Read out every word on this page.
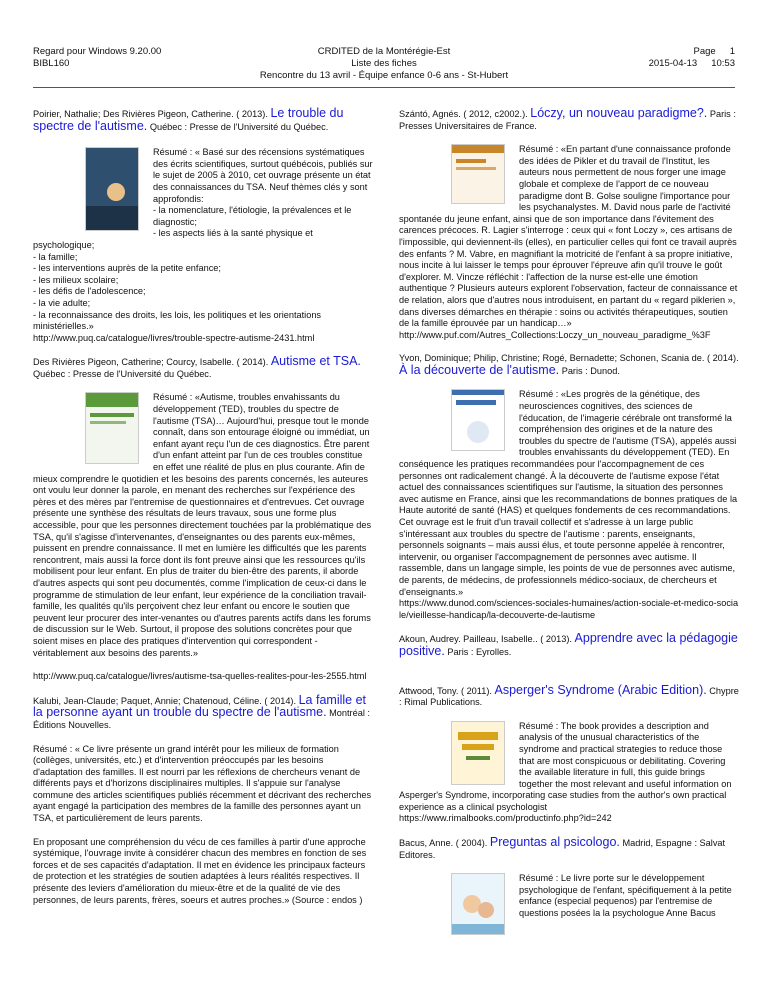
Regard pour Windows 9.20.00
BIBL160
CRDITED de la Montérégie-Est
Liste des fiches
Rencontre du 13 avril - Équipe enfance 0-6 ans - St-Hubert
Page 1
2015-04-13 10:53

Poirier, Nathalie; Des Rivières Pigeon, Catherine. ( 2013). Le trouble du spectre de l'autisme. Québec : Presse de l'Université du Québec.

Résumé : « Basé sur des récensions systématiques des écrits scientifiques, surtout québécois, publiés sur le sujet de 2005 à 2010, cet ouvrage présente un état des connaissances du TSA. Neuf thèmes clés y sont approfondis:
- la nomenclature, l'étiologie, la prévalences et le diagnostic;
- les aspects liés à la santé physique et psychologique;
- la famille;
- les interventions auprès de la petite enfance;
- les milieux scolaire;
- les défis de l'adolescence;
- la vie adulte;
- la reconnaissance des droits, les lois, les politiques et les orientations ministérielles.»

http://www.puq.ca/catalogue/livres/trouble-spectre-autisme-2431.html

Des Rivières Pigeon, Catherine; Courcy, Isabelle. ( 2014). Autisme et TSA. Québec : Presse de l'Université du Québec.

Résumé : «Autisme, troubles envahissants du développement (TED), troubles du spectre de l'autisme (TSA)… Aujourd'hui, presque tout le monde connaît, dans son entourage éloigné ou immédiat, un enfant ayant reçu l'un de ces diagnostics. Être parent d'un enfant atteint par l'un de ces troubles constitue en effet une réalité de plus en plus courante. Afin de mieux comprendre le quotidien et les besoins des parents concernés, les auteures ont voulu leur donner la parole, en menant des recherches sur l'expérience des pères et des mères par l'entremise de questionnaires et d'entrevues. Cet ouvrage présente une synthèse des résultats de leurs travaux, sous une forme plus accessible, pour que les personnes directement touchées par la problématique des TSA, qu'il s'agisse d'intervenantes, d'enseignantes ou des parents eux-mêmes, puissent en prendre connaissance. Il met en lumière les difficultés que les parents rencontrent, mais aussi la force dont ils font preuve ainsi que les ressources qu'ils mobilisent pour leur enfant. En plus de traiter du bien-être des parents, il aborde d'autres aspects qui sont peu documentés, comme l'implication de ceux-ci dans le programme de stimulation de leur enfant, leur expérience de la conciliation travail-famille, les qualités qu'ils perçoivent chez leur enfant ou encore le soutien que peuvent leur procurer des inter-venantes ou d'autres parents actifs dans les forums de discussion sur le Web. Surtout, il propose des solutions concrètes pour que soient mises en place des pratiques d'intervention qui correspondent - véritablement aux besoins des parents.»

http://www.puq.ca/catalogue/livres/autisme-tsa-quelles-realites-pour-les-2555.html

Kalubi, Jean-Claude; Paquet, Annie; Chatenoud, Céline. ( 2014). La famille et la personne ayant un trouble du spectre de l'autisme. Montréal : Éditions Nouvelles.

Résumé : « Ce livre présente un grand intérêt pour les milieux de formation (collèges, universités, etc.) et d'intervention préoccupés par les besoins d'adaptation des familles. Il est nourri par les réflexions de chercheurs venant de différents pays et d'horizons disciplinaires multiples. Il s'appuie sur l'analyse commune des articles scientifiques publiés récemment et décrivant des recherches ayant engagé la participation des membres de la famille des personnes ayant un TSA, et particulièrement de leurs parents.

En proposant une compréhension du vécu de ces familles à partir d'une approche systémique, l'ouvrage invite à considérer chacun des membres en fonction de ses forces et de ses capacités d'adaptation. Il met en évidence les principaux facteurs de protection et les stratégies de soutien adaptées à leurs réalités respectives. Il présente des leviers d'amélioration du mieux-être et de la qualité de vie des personnes, de leurs parents, frères, soeurs et autres proches.» (Source : endos )

Szántó, Agnés. ( 2012, c2002.). Lóczy, un nouveau paradigme?. Paris : Presses Universitaires de France.

Résumé : «En partant d'une connaissance profonde des idées de Pikler et du travail de l'Institut, les auteurs nous permettent de nous forger une image globale et complexe de l'apport de ce nouveau paradigme dont B. Golse souligne l'importance pour les psychanalystes. M. David nous parle de l'activité spontanée du jeune enfant, ainsi que de son importance dans l'évitement des carences précoces. R. Lagier s'interroge : ceux qui « font Loczy », ces artisans de l'impossible, qui deviennent-ils (elles), en particulier celles qui font ce travail auprès des enfants ? M. Vabre, en magnifiant la motricité de l'enfant à sa propre initiative, nous incite à lui laisser le temps pour éprouver l'épreuve afin qu'il trouve le goût d'explorer. M. Vincze réfléchit : l'affection de la nurse est-elle une émotion authentique ? Plusieurs auteurs explorent l'observation, facteur de connaissance et de relation, alors que d'autres nous introduisent, en partant du « regard piklerien », dans diverses démarches en thérapie : soins ou activités thérapeutiques, soutien de la famille éprouvée par un handicap…»

http://www.puf.com/Autres_Collections:Loczy_un_nouveau_paradigme_%3F

Yvon, Dominique; Philip, Christine; Rogé, Bernadette; Schonen, Scania de. ( 2014). À la découverte de l'autisme. Paris : Dunod.

Résumé : «Les progrès de la génétique, des neurosciences cognitives, des sciences de l'éducation, de l'imagerie cérébrale ont transformé la compréhension des origines et de la nature des troubles du spectre de l'autisme (TSA), appelés aussi troubles envahissants du développement (TED). En conséquence les pratiques recommandées pour l'accompagnement de ces personnes ont radicalement changé. À la découverte de l'autisme expose l'état actuel des connaissances scientifiques sur l'autisme, la situation des personnes avec autisme en France, ainsi que les recommandations de bonnes pratiques de la Haute autorité de santé (HAS) et quelques fondements de ces recommandations. Cet ouvrage est le fruit d'un travail collectif et s'adresse à un large public s'intéressant aux troubles du spectre de l'autisme : parents, enseignants, personnels soignants – mais aussi élus, et toute personne appelée à rencontrer, intervenir, ou organiser l'accompagnement de personnes avec autisme. Il rassemble, dans un langage simple, les points de vue de personnes avec autisme, de parents, de médecins, de professionnels médico-sociaux, de chercheurs et d'enseignants.»

https://www.dunod.com/sciences-sociales-humaines/action-sociale-et-medico-sociale/vieillesse-handicap/la-decouverte-de-lautisme

Akoun, Audrey. Pailleau, Isabelle.. ( 2013). Apprendre avec la pédagogie positive. Paris : Eyrolles.

Attwood, Tony. ( 2011). Asperger's Syndrome (Arabic Edition). Chypre : Rimal Publications.

Résumé : The book provides a description and analysis of the unusual characteristics of the syndrome and practical strategies to reduce those that are most conspicuous or debilitating. Covering the available literature in full, this guide brings together the most relevant and useful information on Asperger's Syndrome, incorporating case studies from the author's own practical experience as a clinical psychologist

https://www.rimalbooks.com/productinfo.php?id=242

Bacus, Anne. ( 2004). Preguntas al psicologo. Madrid, Espagne : Salvat Editores.

Résumé : Le livre porte sur le développement psychologique de l'enfant, spécifiquement à la petite enfance (especial pequenos) par l'entremise de questions posées la la psychologue Anne Bacus
